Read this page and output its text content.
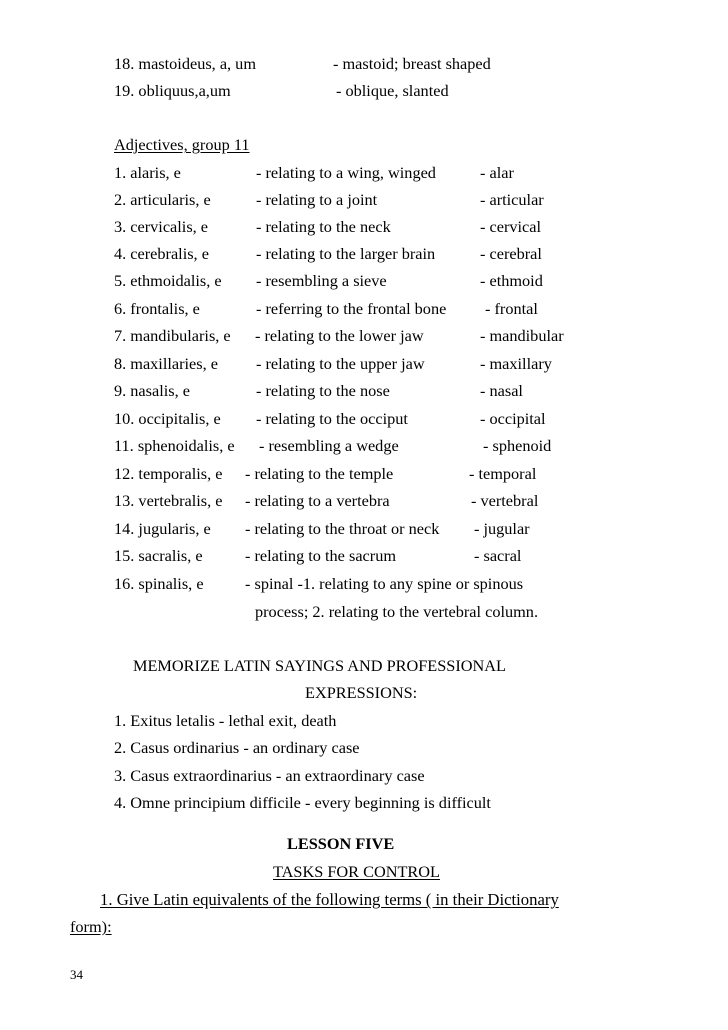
18. mastoideus, a, um	- mastoid; breast shaped
19. obliquus,a,um	- oblique, slanted
Adjectives, group 11
1. alaris, e	- relating to a wing, winged	- alar
2. articularis, e	- relating to a joint	- articular
3. cervicalis, e	- relating to the neck	- cervical
4. cerebralis, e	- relating to the larger brain	- cerebral
5. ethmoidalis, e - resembling a sieve	- ethmoid
6. frontalis, e	- referring to the frontal bone - frontal
7. mandibularis, e - relating to the lower jaw	- mandibular
8. maxillaries, e - relating to the upper jaw	- maxillary
9. nasalis, e	- relating to the nose	- nasal
10. occipitalis, e - relating to the occiput	- occipital
11. sphenoidalis, e - resembling a wedge	- sphenoid
12. temporalis, e - relating to the temple	- temporal
13. vertebralis, e - relating to a vertebra	- vertebral
14. jugularis, e - relating to the throat or neck - jugular
15. sacralis, e	- relating to the sacrum	- sacral
16. spinalis, e	- spinal -1. relating to any spine or spinous
process; 2. relating to the vertebral column.
MEMORIZE LATIN SAYINGS AND PROFESSIONAL
EXPRESSIONS:
1. Exitus letalis - lethal exit, death
2. Casus ordinarius - an ordinary case
3. Casus extraordinarius - an extraordinary case
4. Omne principium difficile - every beginning is difficult
LESSON FIVE
TASKS FOR CONTROL
1. Give Latin equivalents of the following terms ( in their Dictionary
form):
34
